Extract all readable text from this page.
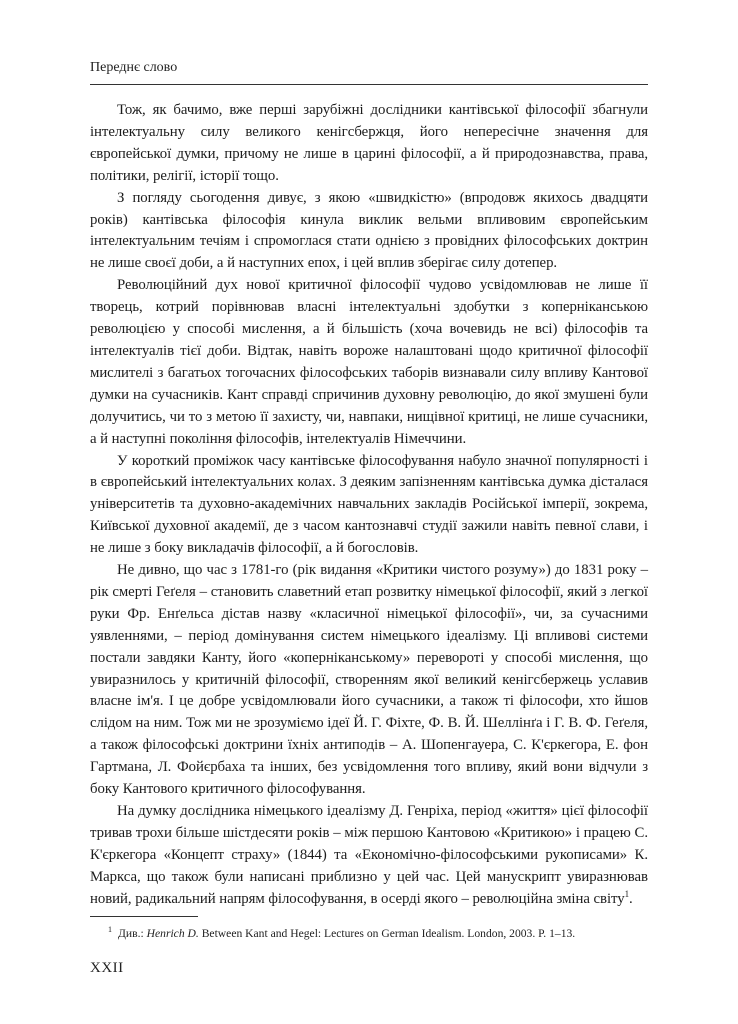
Переднє слово

Тож, як бачимо, вже перші зарубіжні дослідники кантівської філософії збагнули інтелектуальну силу великого кенігсбержця, його непересічне значення для європейської думки, причому не лише в царині філософії, а й природознавства, права, політики, релігії, історії тощо.

З погляду сьогодення дивує, з якою «швидкістю» (впродовж якихось двадцяти років) кантівська філософія кинула виклик вельми впливовим європейським інтелектуальним течіям і спромоглася стати однією з провідних філософських доктрин не лише своєї доби, а й наступних епох, і цей вплив зберігає силу дотепер.

Революційний дух нової критичної філософії чудово усвідомлював не лише її творець, котрий порівнював власні інтелектуальні здобутки з коперніканською революцією у способі мислення, а й більшість (хоча вочевидь не всі) філософів та інтелектуалів тієї доби. Відтак, навіть вороже налаштовані щодо критичної філософії мислителі з багатьох тогочасних філософських таборів визнавали силу впливу Кантової думки на сучасників. Кант справді спричинив духовну революцію, до якої змушені були долучитись, чи то з метою її захисту, чи, навпаки, нищівної критиці, не лише сучасники, а й наступні покоління філософів, інтелектуалів Німеччини.

У короткий проміжок часу кантівське філософування набуло значної популярності і в європейський інтелектуальних колах. З деяким запізненням кантівська думка дісталася університетів та духовно-академічних навчальних закладів Російської імперії, зокрема, Київської духовної академії, де з часом кантознавчі студії зажили навіть певної слави, і не лише з боку викладачів філософії, а й богословів.

Не дивно, що час з 1781-го (рік видання «Критики чистого розуму») до 1831 року – рік смерті Геґеля – становить славетний етап розвитку німецької філософії, який з легкої руки Фр. Енґельса дістав назву «класичної німецької філософії», чи, за сучасними уявленнями, – період домінування систем німецького ідеалізму. Ці впливові системи постали завдяки Канту, його «коперніканському» перевороті у способі мислення, що увиразнилось у критичній філософії, створенням якої великий кенігсбержець уславив власне ім'я. І це добре усвідомлювали його сучасники, а також ті філософи, хто йшов слідом на ним. Тож ми не зрозуміємо ідеї Й. Г. Фіхте, Ф. В. Й. Шеллінґа і Г. В. Ф. Геґеля, а також філософські доктрини їхніх антиподів – А. Шопенгауера, С. К'єркегора, Е. фон Гартмана, Л. Фойєрбаха та інших, без усвідомлення того впливу, який вони відчули з боку Кантового критичного філософування.

На думку дослідника німецького ідеалізму Д. Генріха, період «життя» цієї філософії тривав трохи більше шістдесяти років – між першою Кантовою «Критикою» і працею С. К'єркегора «Концепт страху» (1844) та «Економічно-філософськими рукописами» К. Маркса, що також були написані приблизно у цей час. Цей манускрипт увиразнював новий, радикальний напрям філософування, в осерді якого – революційна зміна світу$^1$.

$^1$ Див.: Henrich D. Between Kant and Hegel: Lectures on German Idealism. London, 2003. P. 1–13.
XXII
